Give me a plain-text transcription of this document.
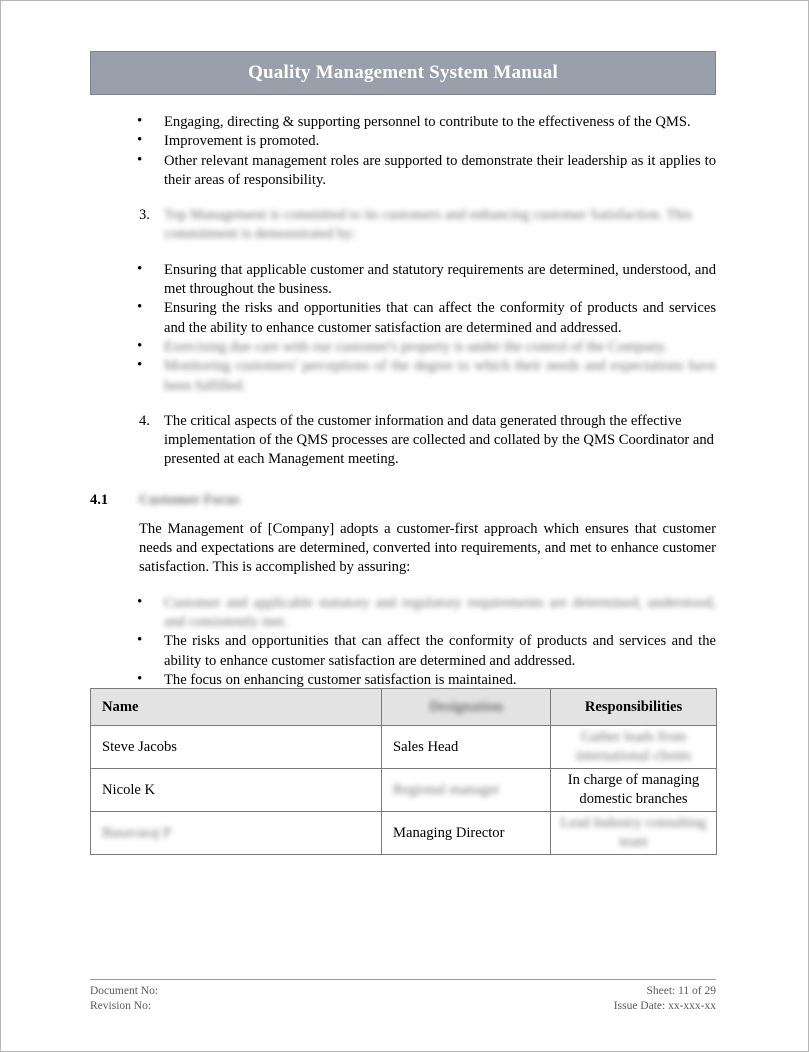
Quality Management System Manual
• Engaging, directing & supporting personnel to contribute to the effectiveness of the QMS.
• Improvement is promoted.
• Other relevant management roles are supported to demonstrate their leadership as it applies to their areas of responsibility.
3. Top Management is committed to its customers and enhancing customer Satisfaction. This commitment is demonstrated by:
• Ensuring that applicable customer and statutory requirements are determined, understood, and met throughout the business.
• Ensuring the risks and opportunities that can affect the conformity of products and services and the ability to enhance customer satisfaction are determined and addressed.
• Exercising due care with our customer's property is under the control of the Company.
• Monitoring customers' perceptions of the degree to which their needs and expectations have been fulfilled.
4. The critical aspects of the customer information and data generated through the effective implementation of the QMS processes are collected and collated by the QMS Coordinator and presented at each Management meeting.
4.1 Customer Focus
The Management of [Company] adopts a customer-first approach which ensures that customer needs and expectations are determined, converted into requirements, and met to enhance customer satisfaction. This is accomplished by assuring:
• Customer and applicable statutory and regulatory requirements are determined, understood, and consistently met.
• The risks and opportunities that can affect the conformity of products and services and the ability to enhance customer satisfaction are determined and addressed.
• The focus on enhancing customer satisfaction is maintained.
Name	Designation	Responsibilities
Steve Jacobs	Sales Head	Gather leads from international clients
Nicole K	Regional manager	In charge of managing domestic branches
Basavaraj P	Managing Director	Lead Industry consulting team
Document No:
Revision No:
Sheet: 11 of 29
Issue Date: xx-xxx-xx
